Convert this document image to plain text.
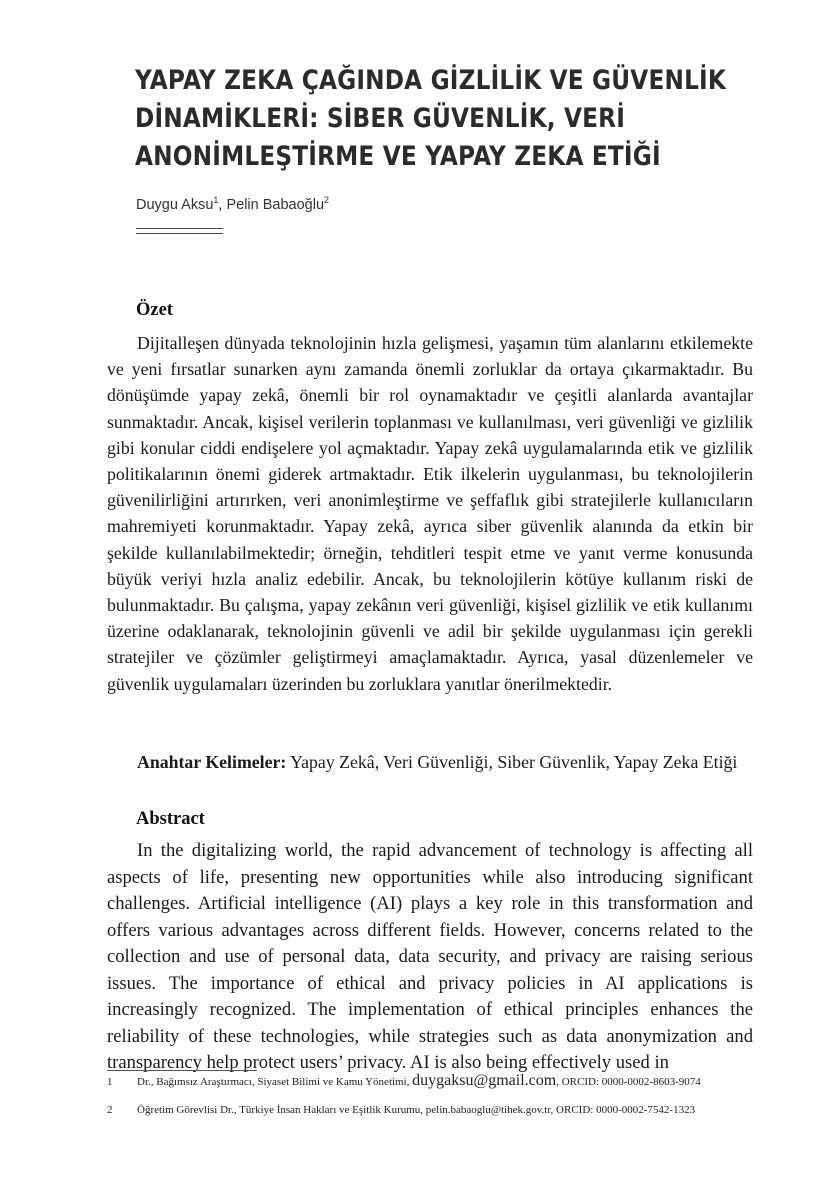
YAPAY ZEKA ÇAĞINDA GİZLİLİK VE GÜVENLİK
DİNAMİKLERİ: SİBER GÜVENLİK, VERİ
ANONİMLEŞTİRME VE YAPAY ZEKA ETİĞİ
Duygu Aksu$^1$, Pelin Babaoğlu$^2$
Özet
Dijitalleşen dünyada teknolojinin hızla gelişmesi, yaşamın tüm alanlarını etkilemekte ve yeni fırsatlar sunarken aynı zamanda önemli zorluklar da ortaya çıkarmaktadır. Bu dönüşümde yapay zekâ, önemli bir rol oynamaktadır ve çeşitli alanlarda avantajlar sunmaktadır. Ancak, kişisel verilerin toplanması ve kullanılması, veri güvenliği ve gizlilik gibi konular ciddi endişelere yol açmaktadır. Yapay zekâ uygulamalarında etik ve gizlilik politikalarının önemi giderek artmaktadır. Etik ilkelerin uygulanması, bu teknolojilerin güvenilirliğini artırırken, veri anonimleştirme ve şeffaflık gibi stratejilerle kullanıcıların mahremiyeti korunmaktadır. Yapay zekâ, ayrıca siber güvenlik alanında da etkin bir şekilde kullanılabilmektedir; örneğin, tehditleri tespit etme ve yanıt verme konusunda büyük veriyi hızla analiz edebilir. Ancak, bu teknolojilerin kötüye kullanım riski de bulunmaktadır. Bu çalışma, yapay zekânın veri güvenliği, kişisel gizlilik ve etik kullanımı üzerine odaklanarak, teknolojinin güvenli ve adil bir şekilde uygulanması için gerekli stratejiler ve çözümler geliştirmeyi amaçlamaktadır. Ayrıca, yasal düzenlemeler ve güvenlik uygulamaları üzerinden bu zorluklara yanıtlar önerilmektedir.
Anahtar Kelimeler: Yapay Zekâ, Veri Güvenliği, Siber Güvenlik, Yapay Zeka Etiği
Abstract
In the digitalizing world, the rapid advancement of technology is affecting all aspects of life, presenting new opportunities while also introducing significant challenges. Artificial intelligence (AI) plays a key role in this transformation and offers various advantages across different fields. However, concerns related to the collection and use of personal data, data security, and privacy are raising serious issues. The importance of ethical and privacy policies in AI applications is increasingly recognized. The implementation of ethical principles enhances the reliability of these technologies, while strategies such as data anonymization and transparency help protect users’ privacy. AI is also being effectively used in
1 Dr., Bağımsız Araştırmacı, Siyaset Bilimi ve Kamu Yönetimi, duygaksu@gmail.com, ORCID: 0000-0002-8603-9074
2 Öğretim Görevlisi Dr., Türkiye İnsan Hakları ve Eşitlik Kurumu, pelin.babaoglu@tihek.gov.tr, ORCID: 0000-0002-7542-1323
